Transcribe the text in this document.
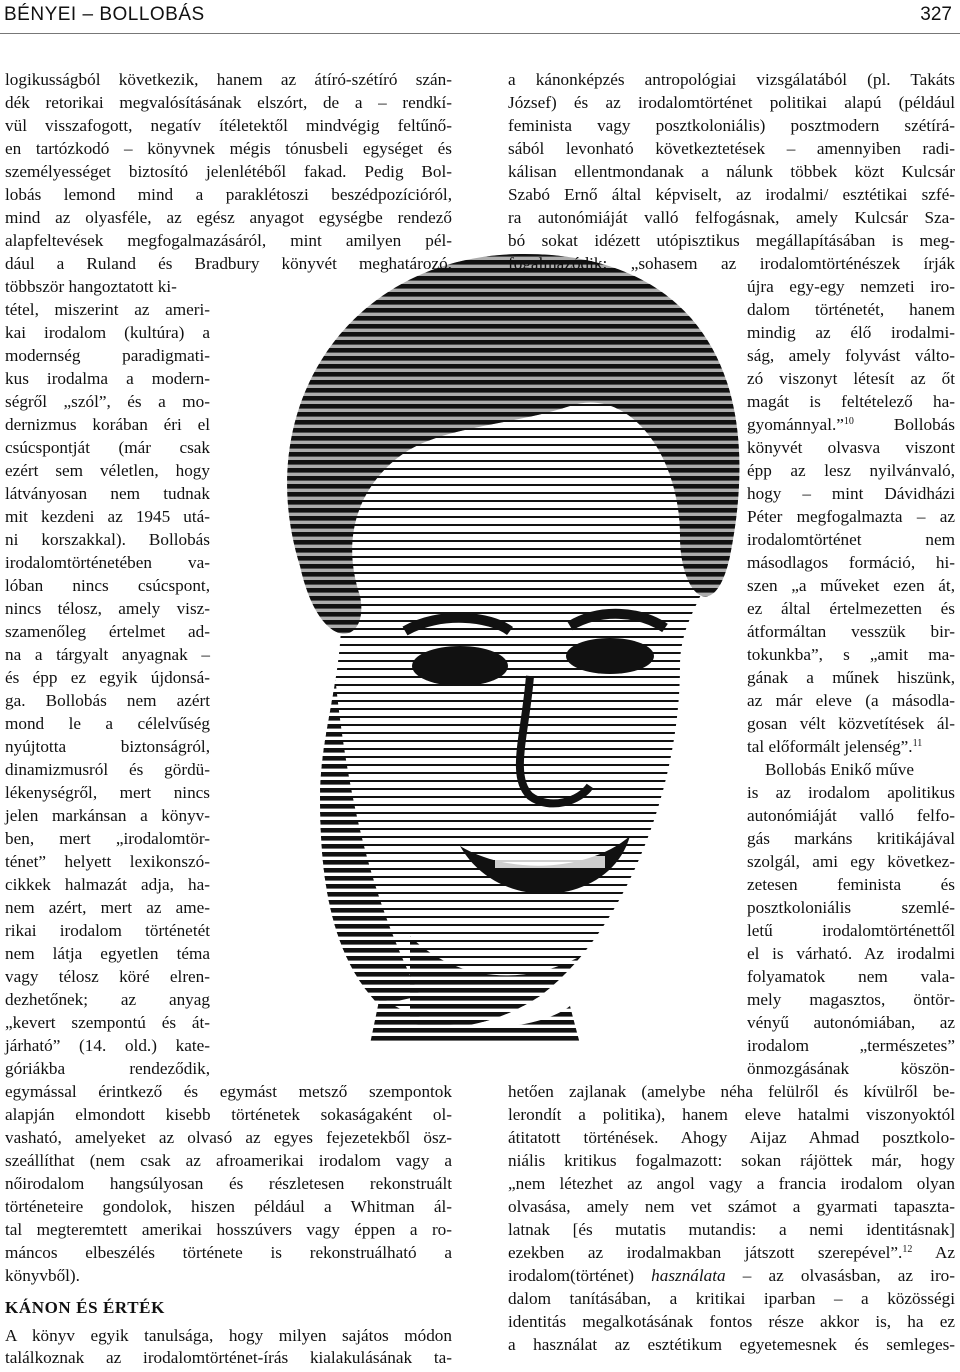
BÉNYEI – BOLLOBÁS	327
logikusságból következik, hanem az átíró-szétíró szán-
dék retorikai megvalósításának elszórt, de a – rendkí-
vül visszafogott, negatív ítéletektől mindvégig feltűnő-
en tartózkodó – könyvnek mégis tónusbeli egységet és
személyességet biztosító jelenlétéből fakad. Pedig Bol-
lobás lemond mind a paraklétoszi beszédpozícióról,
mind az olyasféle, az egész anyagot egységbe rendező
alapfeltevések megfogalmazásáról, mint amilyen pél-
dául a Ruland és Bradbury könyvét meghatározó,
többször hangoztatott ki-
tétel, miszerint az ameri-
kai irodalom (kultúra) a
modernség paradigmati-
kus irodalma a modern-
ségről „szól”, és a mo-
dernizmus korában éri el
csúcspontját (már csak
ezért sem véletlen, hogy
látványosan nem tudnak
mit kezdeni az 1945 utá-
ni korszakkal). Bollobás
irodalomtörténetében va-
lóban nincs csúcspont,
nincs télosz, amely visz-
szamenőleg értelmet ad-
na a tárgyalt anyagnak –
és épp ez egyik újdonsá-
ga. Bollobás nem azért
mond le a célelvűség
nyújtotta biztonságról,
dinamizmusról és gördü-
lékenységről, mert nincs
jelen markánsan a könyv-
ben, mert „irodalomtör-
ténet” helyett lexikonszó-
cikkek halmazát adja, ha-
nem azért, mert az ame-
rikai irodalom történetét
nem látja egyetlen téma
vagy télosz köré elren-
dezhetőnek; az anyag
„kevert szempontú és át-
járható” (14. old.) kate-
góriákba rendeződik,
egymással érintkező és egymást metsző szempontok
alapján elmondott kisebb történetek sokaságaként ol-
vasható, amelyeket az olvasó az egyes fejezetekből ösz-
szeállíthat (nem csak az afroamerikai irodalom vagy a
nőirodalom hangsúlyosan és részletesen rekonstruált
történeteire gondolok, hiszen például a Whitman ál-
tal megteremtett amerikai hosszúvers vagy éppen a ro-
máncos elbeszélés története is rekonstruálható a
könyvből).
KÁNON ÉS ÉRTÉK
A könyv egyik tanulsága, hogy milyen sajátos módon
találkoznak az irodalomtörténet-írás kialakulásának ta-
a kánonképzés antropológiai vizsgálatából (pl. Takáts
József) és az irodalomtörténet politikai alapú (például
feminista vagy posztkoloniális) posztmodern szétírá-
sából levonható következtetések – amennyiben radi-
kálisan ellentmondanak a nálunk többek közt Kulcsár
Szabó Ernő által képviselt, az irodalmi/ esztétikai szfé-
ra autonómiáját valló felfogásnak, amely Kulcsár Sza-
bó sokat idézett utópisztikus megállapításában is meg-
fogalmazódik: „sohasem az irodalomtörténészek írják
újra egy-egy nemzeti iro-
dalom történetét, hanem
mindig az élő irodalmi-
ság, amely folyvást válto-
zó viszonyt létesít az őt
magát is feltételező ha-
gyománnyal.”$^{10}$ Bollobás
könyvét olvasva viszont
épp az lesz nyilvánvaló,
hogy – mint Dávidházi
Péter megfogalmazta – az
irodalomtörténet nem
másodlagos formáció, hi-
szen „a műveket ezen át,
ez által értelmezetten és
átformáltan vesszük bir-
tokunkba”, s „amit ma-
gának a műnek hiszünk,
az már eleve (a másodla-
gosan vélt közvetítések ál-
tal előformált jelenség”.$^{11}$
Bollobás Enikő műve
is az irodalom apolitikus
autonómiáját valló felfo-
gás markáns kritikájával
szolgál, ami egy következ-
zetesen feminista és
posztkoloniális szemlé-
letű irodalomtörténettől
el is várható. Az irodalmi
folyamatok nem vala-
mely magasztos, öntör-
vényű autonómiában, az
irodalom „természetes”
önmozgásának köszön-
hetően zajlanak (amelybe néha felülről és kívülről be-
lerondít a politika), hanem eleve hatalmi viszonyoktól
átitatott történések. Ahogy Aijaz Ahmad posztkolo-
niális kritikus fogalmazott: sokan rájöttek már, hogy
„nem létezhet az angol vagy a francia irodalom olyan
olvasása, amely nem vet számot a gyarmati tapaszta-
latnak [és mutatis mutandis: a nemi identitásnak]
ezekben az irodalmakban játszott szerepével”.$^{12}$ Az
irodalom(történet) használata – az olvasásban, az iro-
dalom tanításában, a kritikai iparban – a közösségi
identitás megalkotásának fontos része akkor is, ha ez
a használat az esztétikum egyetemesnek és semleges-
